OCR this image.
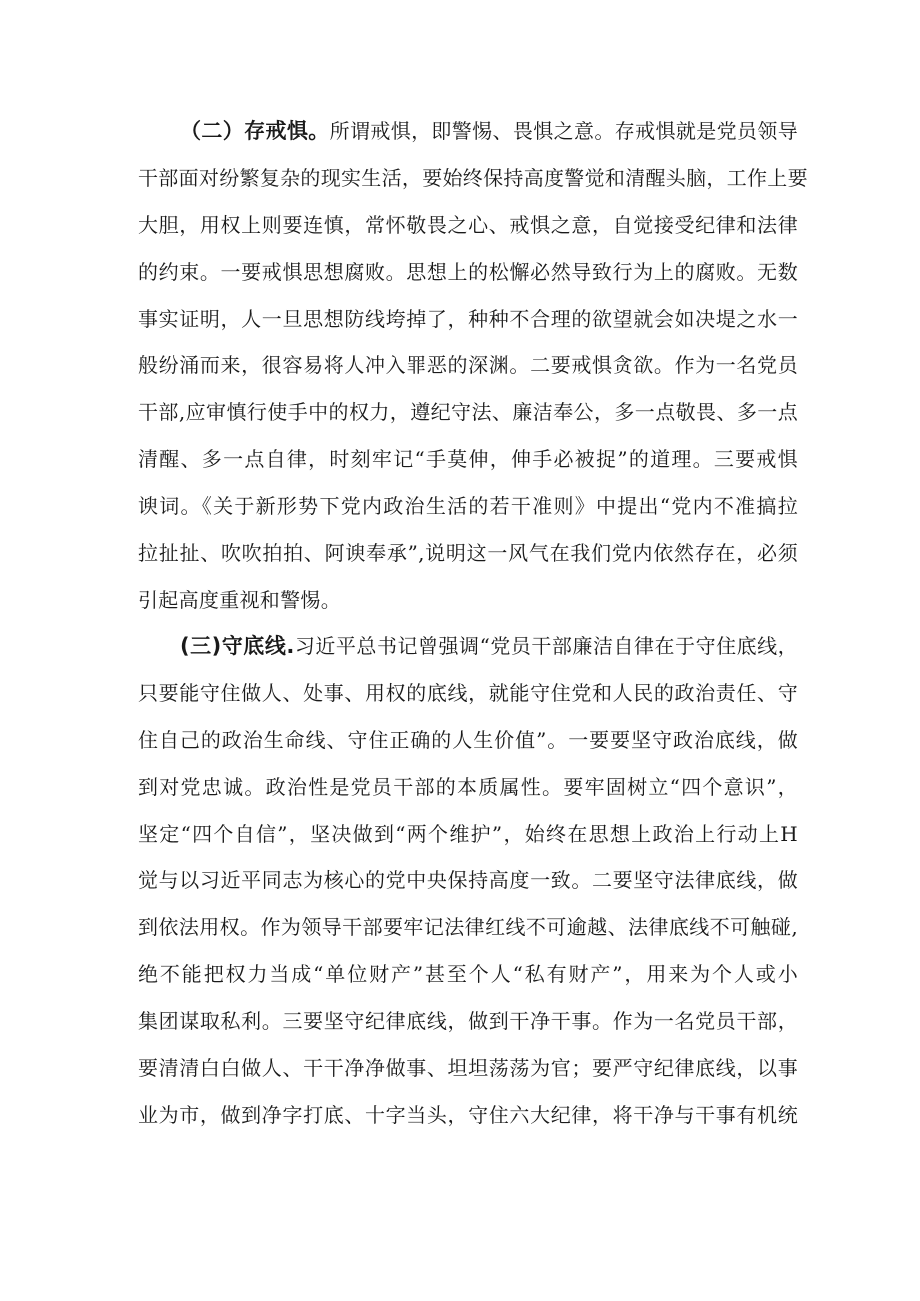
（二）存戒惧。所谓戒惧，即警惕、畏惧之意。存戒惧就是党员领导
干部面对纷繁复杂的现实生活，要始终保持高度警觉和清醒头脑，工作上要
大胆，用权上则要连慎，常怀敬畏之心、戒惧之意，自觉接受纪律和法律
的约束。一要戒惧思想腐败。思想上的松懈必然导致行为上的腐败。无数
事实证明，人一旦思想防线垮掉了，种种不合理的欲望就会如决堤之水一
般纷涌而来，很容易将人冲入罪恶的深渊。二要戒惧贪欲。作为一名党员
干部,应审慎行使手中的权力，遵纪守法、廉洁奉公，多一点敬畏、多一点
清醒、多一点自律，时刻牢记“手莫伸，伸手必被捉”的道理。三要戒惧
谀词。《关于新形势下党内政治生活的若干准则》中提出“党内不准搞拉
拉扯扯、吹吹拍拍、阿谀奉承”,说明这一风气在我们党内依然存在，必须
引起高度重视和警惕。
(三)守底线.习近平总书记曾强调“党员干部廉洁自律在于守住底线，
只要能守住做人、处事、用权的底线，就能守住党和人民的政治责任、守
住自己的政治生命线、守住正确的人生价值”。一要要坚守政治底线，做
到对党忠诚。政治性是党员干部的本质属性。要牢固树立“四个意识”，
坚定“四个自信”，坚决做到“两个维护”，始终在思想上政治上行动上H
觉与以习近平同志为核心的党中央保持高度一致。二要坚守法律底线，做
到依法用权。作为领导干部要牢记法律红线不可逾越、法律底线不可触碰,
绝不能把权力当成“单位财产”甚至个人“私有财产”，用来为个人或小
集团谋取私利。三要坚守纪律底线，做到干净干事。作为一名党员干部，
要清清白白做人、干干净净做事、坦坦荡荡为官；要严守纪律底线，以事
业为市，做到净字打底、十字当头，守住六大纪律，将干净与干事有机统
